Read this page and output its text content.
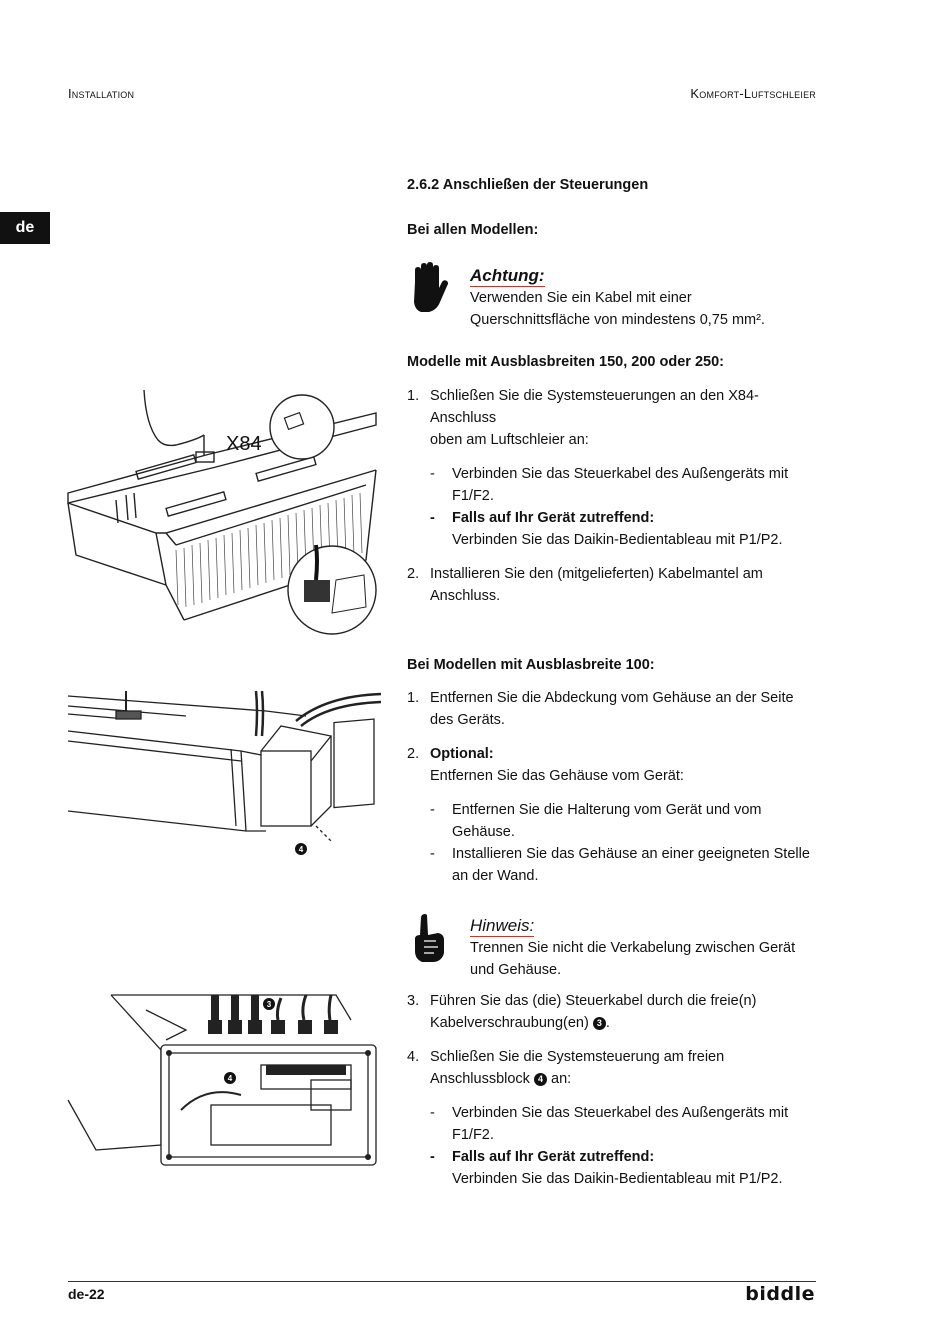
Installation	Komfort-Luftschleier
de
2.6.2 Anschließen der Steuerungen
Bei allen Modellen:
Achtung:
Verwenden Sie ein Kabel mit einer
Querschnittsfläche von mindestens 0,75 mm².
Modelle mit Ausblasbreiten 150, 200 oder 250:
1. Schließen Sie die Systemsteuerungen an den X84-Anschluss
oben am Luftschleier an:
- Verbinden Sie das Steuerkabel des Außengeräts mit
F1/F2.
- Falls auf Ihr Gerät zutreffend:
Verbinden Sie das Daikin-Bedientableau mit P1/P2.
2. Installieren Sie den (mitgelieferten) Kabelmantel am
Anschluss.
X84
Bei Modellen mit Ausblasbreite 100:
1. Entfernen Sie die Abdeckung vom Gehäuse an der Seite
des Geräts.
2. Optional:
Entfernen Sie das Gehäuse vom Gerät:
- Entfernen Sie die Halterung vom Gerät und vom
Gehäuse.
- Installieren Sie das Gehäuse an einer geeigneten Stelle
an der Wand.
4
Hinweis:
Trennen Sie nicht die Verkabelung zwischen Gerät
und Gehäuse.
3. Führen Sie das (die) Steuerkabel durch die freie(n)
Kabelverschraubung(en) 3 .
4. Schließen Sie die Systemsteuerung am freien
Anschlussblock 4 an:
- Verbinden Sie das Steuerkabel des Außengeräts mit
F1/F2.
- Falls auf Ihr Gerät zutreffend:
Verbinden Sie das Daikin-Bedientableau mit P1/P2.
3
4
de-22	biddle
